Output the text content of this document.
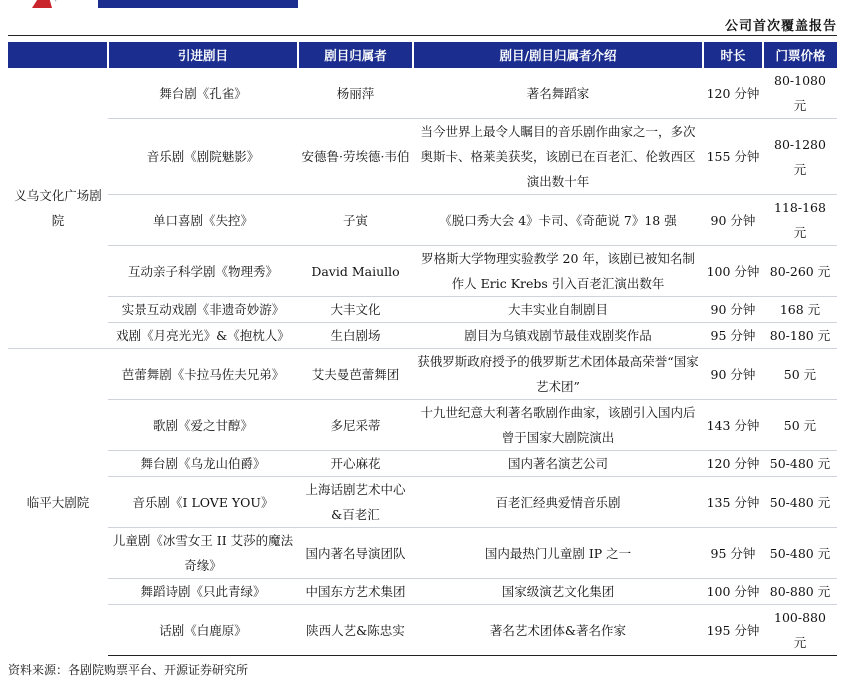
公司首次覆盖报告
	引进剧目	剧目归属者	剧目/剧目归属者介绍	时长	门票价格
义乌文化广场剧院	舞台剧《孔雀》	杨丽萍	著名舞蹈家	120 分钟	80-1080 元
	音乐剧《剧院魅影》	安德鲁·劳埃德·韦伯	当今世界上最令人瞩目的音乐剧作曲家之一，多次奥斯卡、格莱美获奖，该剧已在百老汇、伦敦西区演出数十年	155 分钟	80-1280 元
	单口喜剧《失控》	子寅	《脱口秀大会 4》卡司、《奇葩说 7》18 强	90 分钟	118-168 元
	互动亲子科学剧《物理秀》	David Maiullo	罗格斯大学物理实验教学 20 年，该剧已被知名制作人 Eric Krebs 引入百老汇演出数年	100 分钟	80-260 元
	实景互动戏剧《非遗奇妙游》	大丰文化	大丰实业自制剧目	90 分钟	168 元
	戏剧《月亮光光》&《抱枕人》	生白剧场	剧目为乌镇戏剧节最佳戏剧奖作品	95 分钟	80-180 元
临平大剧院	芭蕾舞剧《卡拉马佐夫兄弟》	艾夫曼芭蕾舞团	获俄罗斯政府授予的俄罗斯艺术团体最高荣誉“国家艺术团”	90 分钟	50 元
	歌剧《爱之甘醇》	多尼采蒂	十九世纪意大利著名歌剧作曲家，该剧引入国内后曾于国家大剧院演出	143 分钟	50 元
	舞台剧《乌龙山伯爵》	开心麻花	国内著名演艺公司	120 分钟	50-480 元
	音乐剧《I LOVE YOU》	上海话剧艺术中心&百老汇	百老汇经典爱情音乐剧	135 分钟	50-480 元
	儿童剧《冰雪女王 II 艾莎的魔法奇缘》	国内著名导演团队	国内最热门儿童剧 IP 之一	95 分钟	50-480 元
	舞蹈诗剧《只此青绿》	中国东方艺术集团	国家级演艺文化集团	100 分钟	80-880 元
	话剧《白鹿原》	陕西人艺&陈忠实	著名艺术团体&著名作家	195 分钟	100-880 元
资料来源：各剧院购票平台、开源证券研究所
